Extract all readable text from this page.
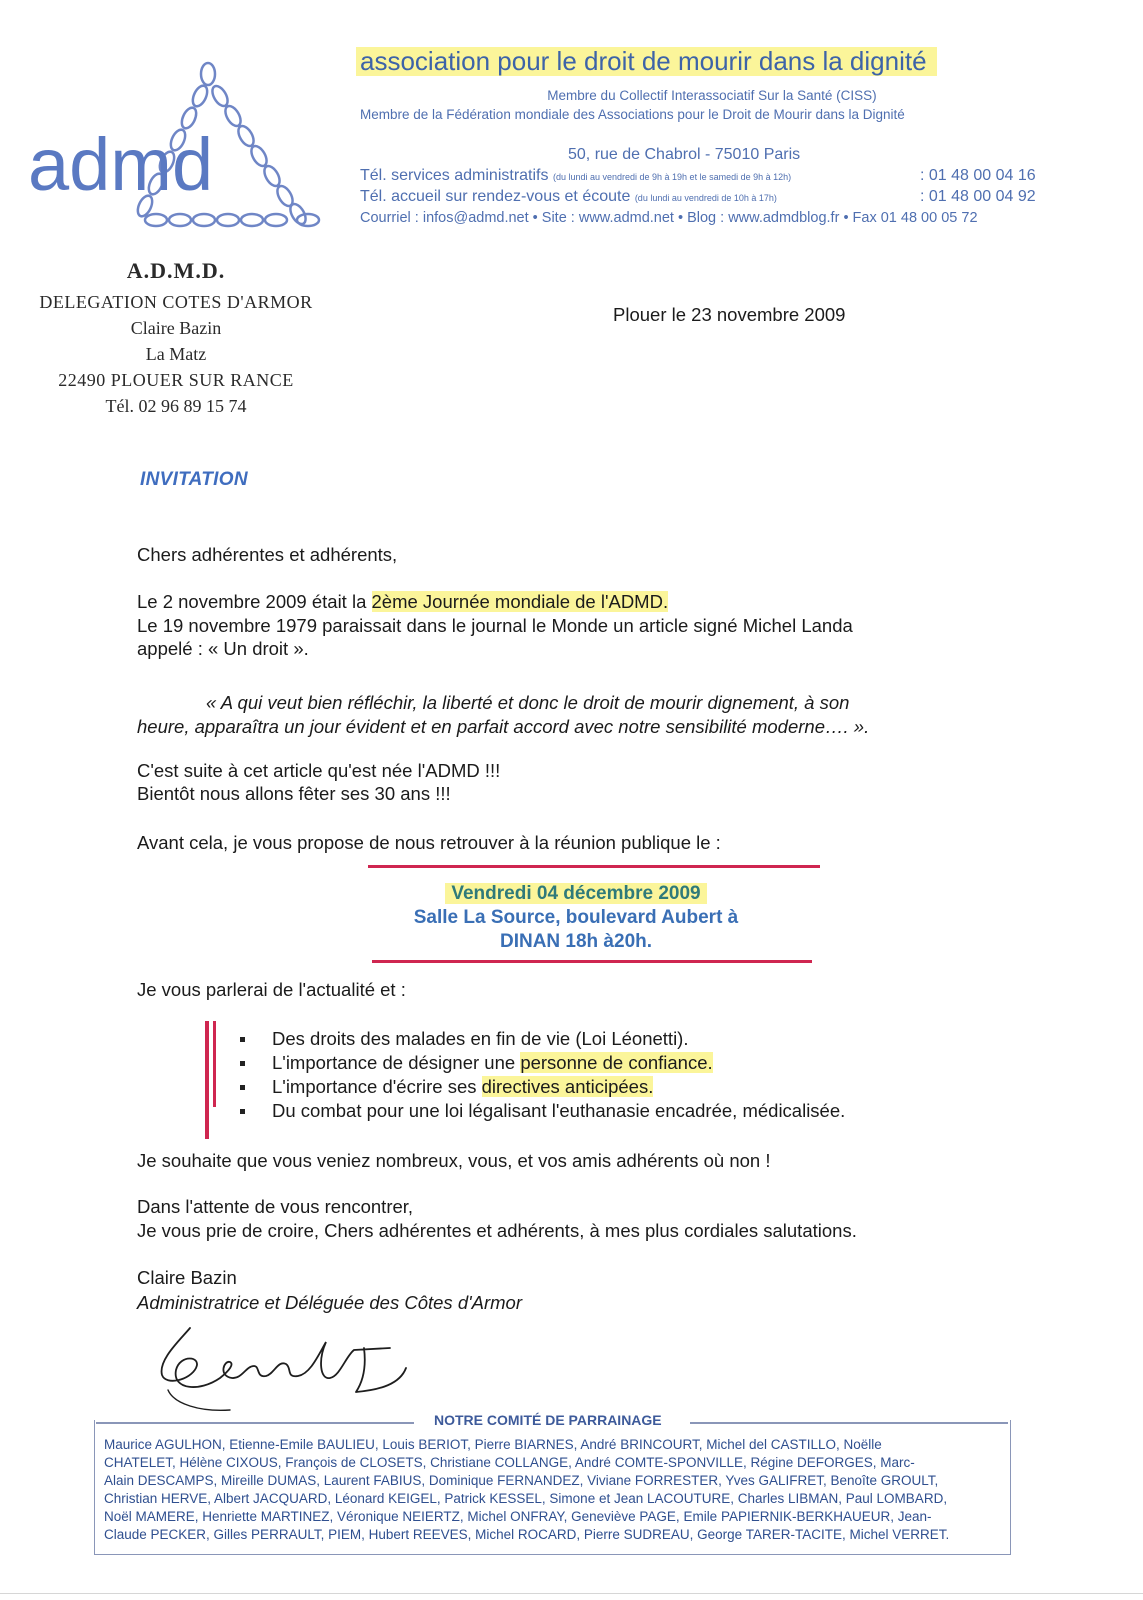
admd
association pour le droit de mourir dans la dignité
Membre du Collectif Interassociatif Sur la Santé (CISS)
Membre de la Fédération mondiale des Associations pour le Droit de Mourir dans la Dignité
50, rue de Chabrol - 75010 Paris
Tél. services administratifs (du lundi au vendredi de 9h à 19h et le samedi de 9h à 12h)	: 01 48 00 04 16
Tél. accueil sur rendez-vous et écoute (du lundi au vendredi de 10h à 17h)	: 01 48 00 04 92
Courriel : infos@admd.net • Site : www.admd.net • Blog : www.admdblog.fr • Fax 01 48 00 05 72
A.D.M.D.
DELEGATION COTES D'ARMOR
Claire Bazin
La Matz
22490 PLOUER SUR RANCE
Tél. 02 96 89 15 74
Plouer le 23 novembre 2009
INVITATION
Chers adhérentes et adhérents,
Le 2 novembre 2009 était la 2ème Journée mondiale de l'ADMD.
Le 19 novembre 1979 paraissait dans le journal le Monde un article signé Michel Landa
appelé : « Un droit ».
« A qui veut bien réfléchir, la liberté et donc le droit de mourir dignement, à son
heure, apparaîtra un jour évident et en parfait accord avec notre sensibilité moderne…. ».
C'est suite à cet article qu'est née l'ADMD !!!
Bientôt nous allons fêter ses 30 ans !!!
Avant cela, je vous propose de nous retrouver à la réunion publique le :
Vendredi 04 décembre 2009
Salle La Source, boulevard Aubert à
DINAN 18h à20h.
Je vous parlerai de l'actualité et :
Des droits des malades en fin de vie (Loi Léonetti).
L'importance de désigner une personne de confiance.
L'importance d'écrire ses directives anticipées.
Du combat pour une loi légalisant l'euthanasie encadrée, médicalisée.
Je souhaite que vous veniez nombreux, vous, et vos amis adhérents où non !
Dans l'attente de vous rencontrer,
Je vous prie de croire, Chers adhérentes et adhérents, à mes plus cordiales salutations.
Claire Bazin
Administratrice et Déléguée des Côtes d'Armor
NOTRE COMITÉ DE PARRAINAGE
Maurice AGULHON, Etienne-Emile BAULIEU, Louis BERIOT, Pierre BIARNES, André BRINCOURT, Michel del CASTILLO, Noëlle
CHATELET, Hélène CIXOUS, François de CLOSETS, Christiane COLLANGE, André COMTE-SPONVILLE, Régine DEFORGES, Marc-
Alain DESCAMPS, Mireille DUMAS, Laurent FABIUS, Dominique FERNANDEZ, Viviane FORRESTER, Yves GALIFRET, Benoîte GROULT,
Christian HERVE, Albert JACQUARD, Léonard KEIGEL, Patrick KESSEL, Simone et Jean LACOUTURE, Charles LIBMAN, Paul LOMBARD,
Noël MAMERE, Henriette MARTINEZ, Véronique NEIERTZ, Michel ONFRAY, Geneviève PAGE, Emile PAPIERNIK-BERKHAUEUR, Jean-
Claude PECKER, Gilles PERRAULT, PIEM, Hubert REEVES, Michel ROCARD, Pierre SUDREAU, George TARER-TACITE, Michel VERRET.
